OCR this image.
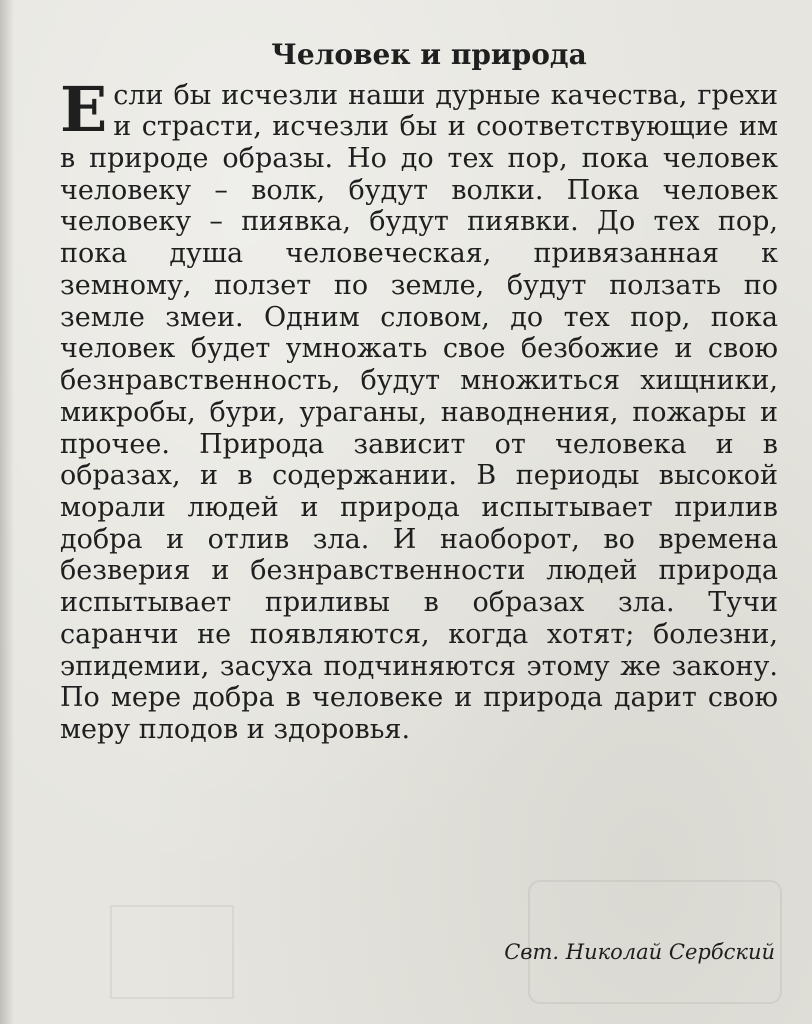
Человек и природа

Если бы исчезли наши дурные качества, грехи и страсти, исчезли бы и соответствующие им в природе образы. Но до тех пор, пока человек человеку – волк, будут волки. Пока человек человеку – пиявка, будут пиявки. До тех пор, пока душа человеческая, привязанная к земному, ползет по земле, будут ползать по земле змеи. Одним словом, до тех пор, пока человек будет умножать свое безбожие и свою безнравственность, будут множиться хищники, микробы, бури, ураганы, наводнения, пожары и прочее. Природа зависит от человека и в образах, и в содержании. В периоды высокой морали людей и природа испытывает прилив добра и отлив зла. И наоборот, во времена безверия и безнравственности людей природа испытывает приливы в образах зла. Тучи саранчи не появляются, когда хотят; болезни, эпидемии, засуха подчиняются этому же закону. По мере добра в человеке и природа дарит свою меру плодов и здоровья.

Свт. Николай Сербский
